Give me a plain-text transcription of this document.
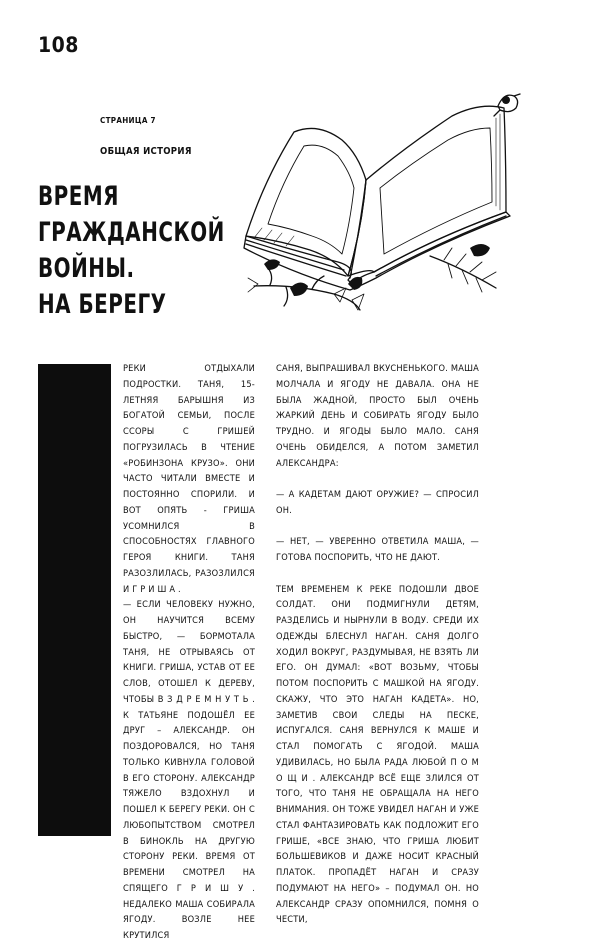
108
СТРАНИЦА 7
ОБЩАЯ ИСТОРИЯ
ВРЕМЯ
ГРАЖДАНСКОЙ
ВОЙНЫ.
НА БЕРЕГУ

РЕКИ ОТДЫХАЛИ ПОДРОСТКИ. ТАНЯ, 15-ЛЕТНЯЯ БАРЫШНЯ ИЗ БОГАТОЙ СЕМЬИ, ПОСЛЕ ССОРЫ С ГРИШЕЙ ПОГРУЗИЛАСЬ В ЧТЕНИЕ «РОБИНЗОНА КРУЗО». ОНИ ЧАСТО ЧИТАЛИ ВМЕСТЕ И ПОСТОЯННО СПОРИЛИ. И ВОТ ОПЯТЬ - ГРИША УСОМНИЛСЯ В СПОСОБНОСТЯХ ГЛАВНОГО ГЕРОЯ КНИГИ. ТАНЯ РАЗОЗЛИЛАСЬ, РАЗОЗЛИЛСЯ И Г Р И Ш А .

— ЕСЛИ ЧЕЛОВЕКУ НУЖНО, ОН НАУЧИТСЯ ВСЕМУ БЫСТРО, — БОРМОТАЛА ТАНЯ, НЕ ОТРЫВАЯСЬ ОТ КНИГИ. ГРИША, УСТАВ ОТ ЕЕ СЛОВ, ОТОШЕЛ К ДЕРЕВУ, ЧТОБЫ В З Д Р Е М Н У Т Ь . К ТАТЬЯНЕ ПОДОШЁЛ ЕЕ ДРУГ – АЛЕКСАНДР. ОН ПОЗДОРОВАЛСЯ, НО ТАНЯ ТОЛЬКО КИВНУЛА ГОЛОВОЙ В ЕГО СТОРОНУ. АЛЕКСАНДР ТЯЖЕЛО ВЗДОХНУЛ И ПОШЕЛ К БЕРЕГУ РЕКИ. ОН С ЛЮБОПЫТСТВОМ СМОТРЕЛ В БИНОКЛЬ НА ДРУГУЮ СТОРОНУ РЕКИ. ВРЕМЯ ОТ ВРЕМЕНИ СМОТРЕЛ НА СПЯЩЕГО Г Р И Ш У . НЕДАЛЕКО МАША СОБИРАЛА ЯГОДУ. ВОЗЛЕ НЕЕ КРУТИЛСЯ

САНЯ, ВЫПРАШИВАЛ ВКУСНЕНЬКОГО. МАША МОЛЧАЛА И ЯГОДУ НЕ ДАВАЛА. ОНА НЕ БЫЛА ЖАДНОЙ, ПРОСТО БЫЛ ОЧЕНЬ ЖАРКИЙ ДЕНЬ И СОБИРАТЬ ЯГОДУ БЫЛО ТРУДНО. И ЯГОДЫ БЫЛО МАЛО. САНЯ ОЧЕНЬ ОБИДЕЛСЯ, А ПОТОМ ЗАМЕТИЛ АЛЕКСАНДРА:

— А КАДЕТАМ ДАЮТ ОРУЖИЕ? — СПРОСИЛ ОН.

— НЕТ, — УВЕРЕННО ОТВЕТИЛА МАША, — ГОТОВА ПОСПОРИТЬ, ЧТО НЕ ДАЮТ.

ТЕМ ВРЕМЕНЕМ К РЕКЕ ПОДОШЛИ ДВОЕ СОЛДАТ. ОНИ ПОДМИГНУЛИ ДЕТЯМ, РАЗДЕЛИСЬ И НЫРНУЛИ В ВОДУ. СРЕДИ ИХ ОДЕЖДЫ БЛЕСНУЛ НАГАН. САНЯ ДОЛГО ХОДИЛ ВОКРУГ, РАЗДУМЫВАЯ, НЕ ВЗЯТЬ ЛИ ЕГО. ОН ДУМАЛ: «ВОТ ВОЗЬМУ, ЧТОБЫ ПОТОМ ПОСПОРИТЬ С МАШКОЙ НА ЯГОДУ. СКАЖУ, ЧТО ЭТО НАГАН КАДЕТА». НО, ЗАМЕТИВ СВОИ СЛЕДЫ НА ПЕСКЕ, ИСПУГАЛСЯ. САНЯ ВЕРНУЛСЯ К МАШЕ И СТАЛ ПОМОГАТЬ С ЯГОДОЙ. МАША УДИВИЛАСЬ, НО БЫЛА РАДА ЛЮБОЙ П О М О Щ И . АЛЕКСАНДР ВСЁ ЕЩЕ ЗЛИЛСЯ ОТ ТОГО, ЧТО ТАНЯ НЕ ОБРАЩАЛА НА НЕГО ВНИМАНИЯ. ОН ТОЖЕ УВИДЕЛ НАГАН И УЖЕ СТАЛ ФАНТАЗИРОВАТЬ КАК ПОДЛОЖИТ ЕГО ГРИШЕ, «ВСЕ ЗНАЮ, ЧТО ГРИША ЛЮБИТ БОЛЬШЕВИКОВ И ДАЖЕ НОСИТ КРАСНЫЙ ПЛАТОК. ПРОПАДЁТ НАГАН И СРАЗУ ПОДУМАЮТ НА НЕГО» – ПОДУМАЛ ОН. НО АЛЕКСАНДР СРАЗУ ОПОМНИЛСЯ, ПОМНЯ О ЧЕСТИ,
